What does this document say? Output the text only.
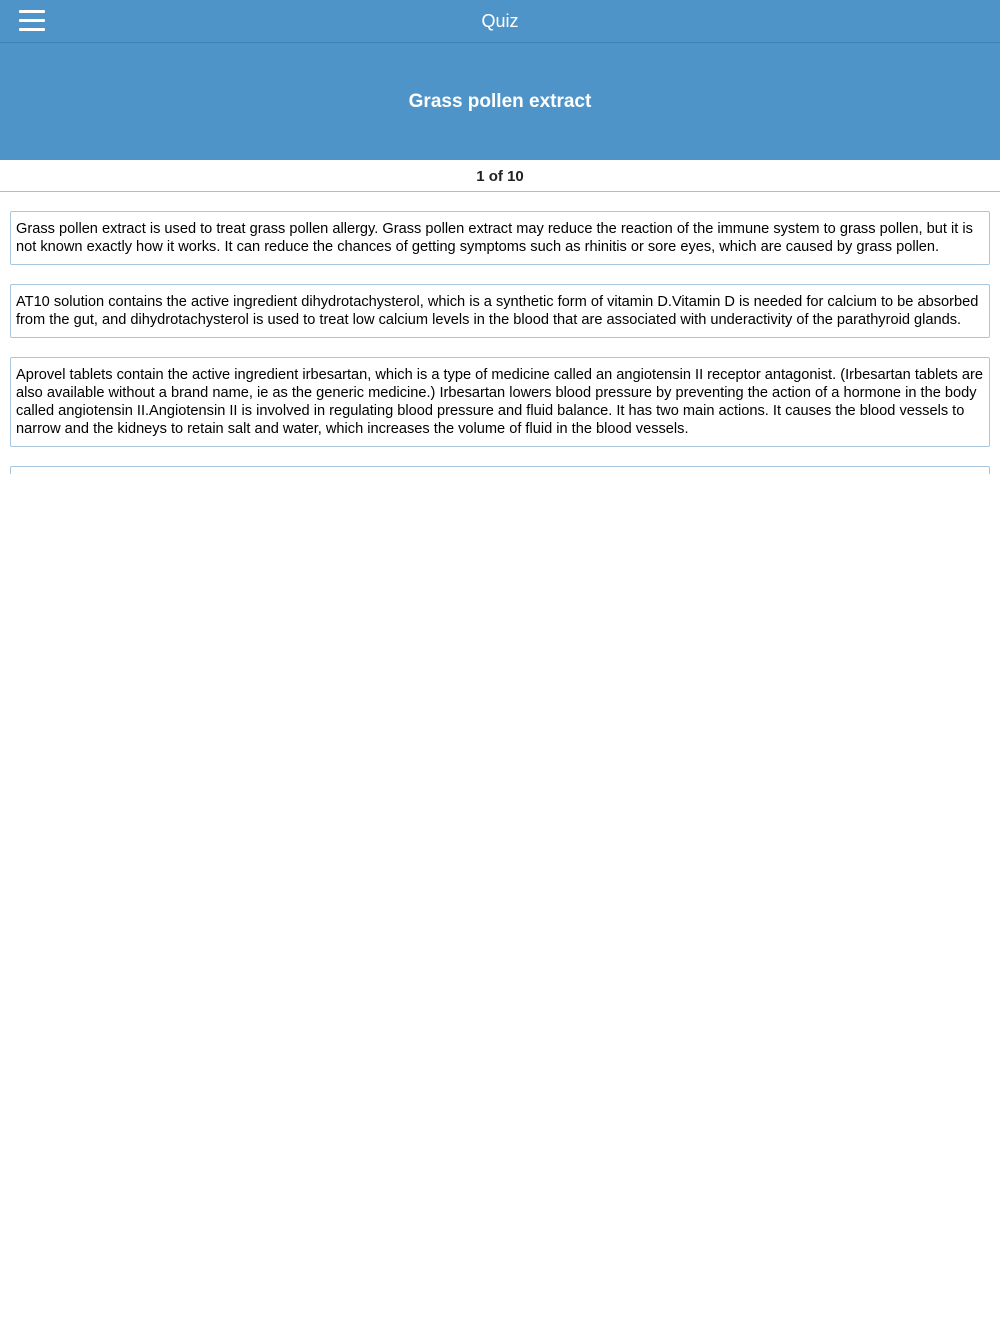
Quiz
Grass pollen extract
1 of 10
Grass pollen extract is used to treat grass pollen allergy. Grass pollen extract may reduce the reaction of the immune system to grass pollen, but it is not known exactly how it works. It can reduce the chances of getting symptoms such as rhinitis or sore eyes, which are caused by grass pollen.
AT10 solution contains the active ingredient dihydrotachysterol, which is a synthetic form of vitamin D.Vitamin D is needed for calcium to be absorbed from the gut, and dihydrotachysterol is used to treat low calcium levels in the blood that are associated with underactivity of the parathyroid glands.
Aprovel tablets contain the active ingredient irbesartan, which is a type of medicine called an angiotensin II receptor antagonist. (Irbesartan tablets are also available without a brand name, ie as the generic medicine.) Irbesartan lowers blood pressure by preventing the action of a hormone in the body called angiotensin II.Angiotensin II is involved in regulating blood pressure and fluid balance. It has two main actions. It causes the blood vessels to narrow and the kidneys to retain salt and water, which increases the volume of fluid in the blood vessels.
